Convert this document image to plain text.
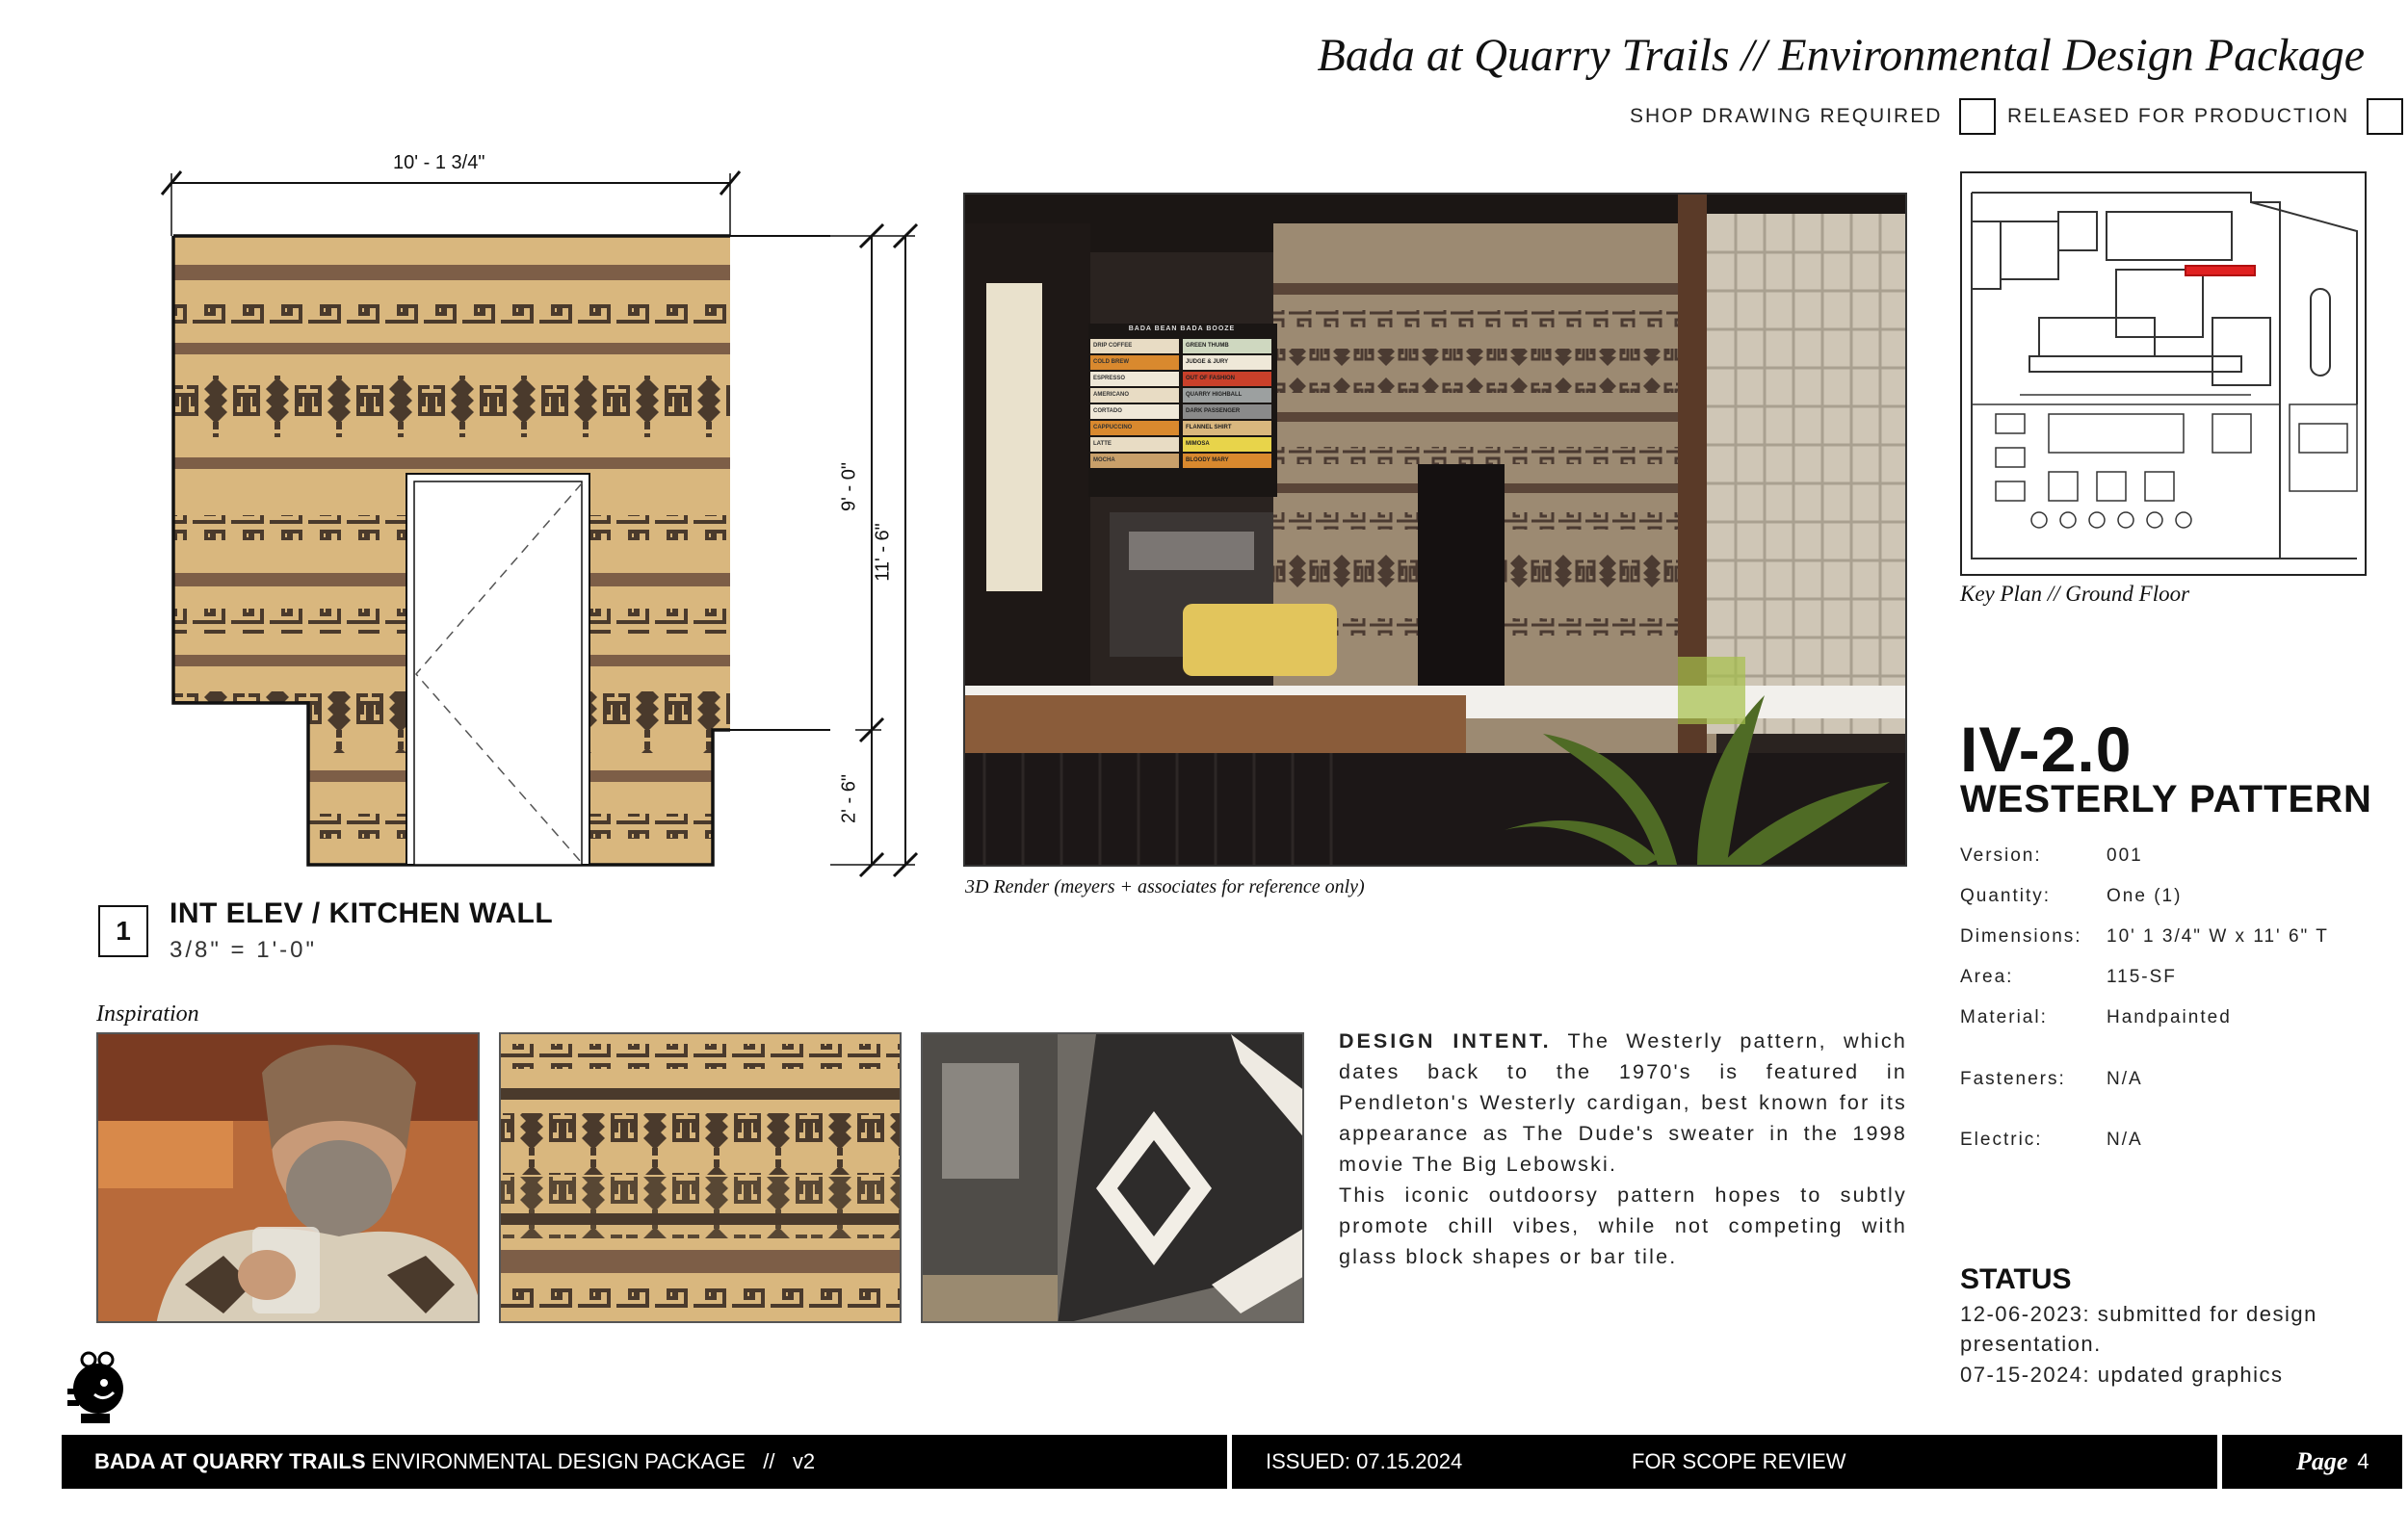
Bada at Quarry Trails // Environmental Design Package
SHOP DRAWING REQUIRED	RELEASED FOR PRODUCTION
10' - 1 3/4"
9' - 0"
11' - 6"
2' - 6"
1
INT ELEV / KITCHEN WALL
3/8" = 1'-0"
3D Render (meyers + associates for reference only)
BADA BEAN BADA BOOZE
DRIP COFFEE
COLD BREW
ESPRESSO
AMERICANO
CORTADO
CAPPUCCINO
LATTE
MOCHA
GREEN THUMB
JUDGE & JURY
OUT OF FASHION
QUARRY HIGHBALL
DARK PASSENGER
FLANNEL SHIRT
MIMOSA
BLOODY MARY
Key Plan // Ground Floor
IV-2.0
WESTERLY PATTERN
Version:	001
Quantity:	One (1)
Dimensions: 10' 1 3/4" W x 11' 6" T
Area:	115-SF
Material:	Handpainted
Fasteners: N/A
Electric:	N/A
STATUS
12-06-2023: submitted for design
presentation.
07-15-2024: updated graphics
Inspiration

DESIGN INTENT. The Westerly pattern, which dates back to the 1970's is featured in Pendleton's Westerly cardigan, best known for its appearance as The Dude's sweater in the 1998 movie The Big Lebowski.

This iconic outdoorsy pattern hopes to subtly promote chill vibes, while not competing with glass block shapes or bar tile.

BADA AT QUARRY TRAILS ENVIRONMENTAL DESIGN PACKAGE   //   v2	ISSUED: 07.15.2024	FOR SCOPE REVIEW	Page 4
